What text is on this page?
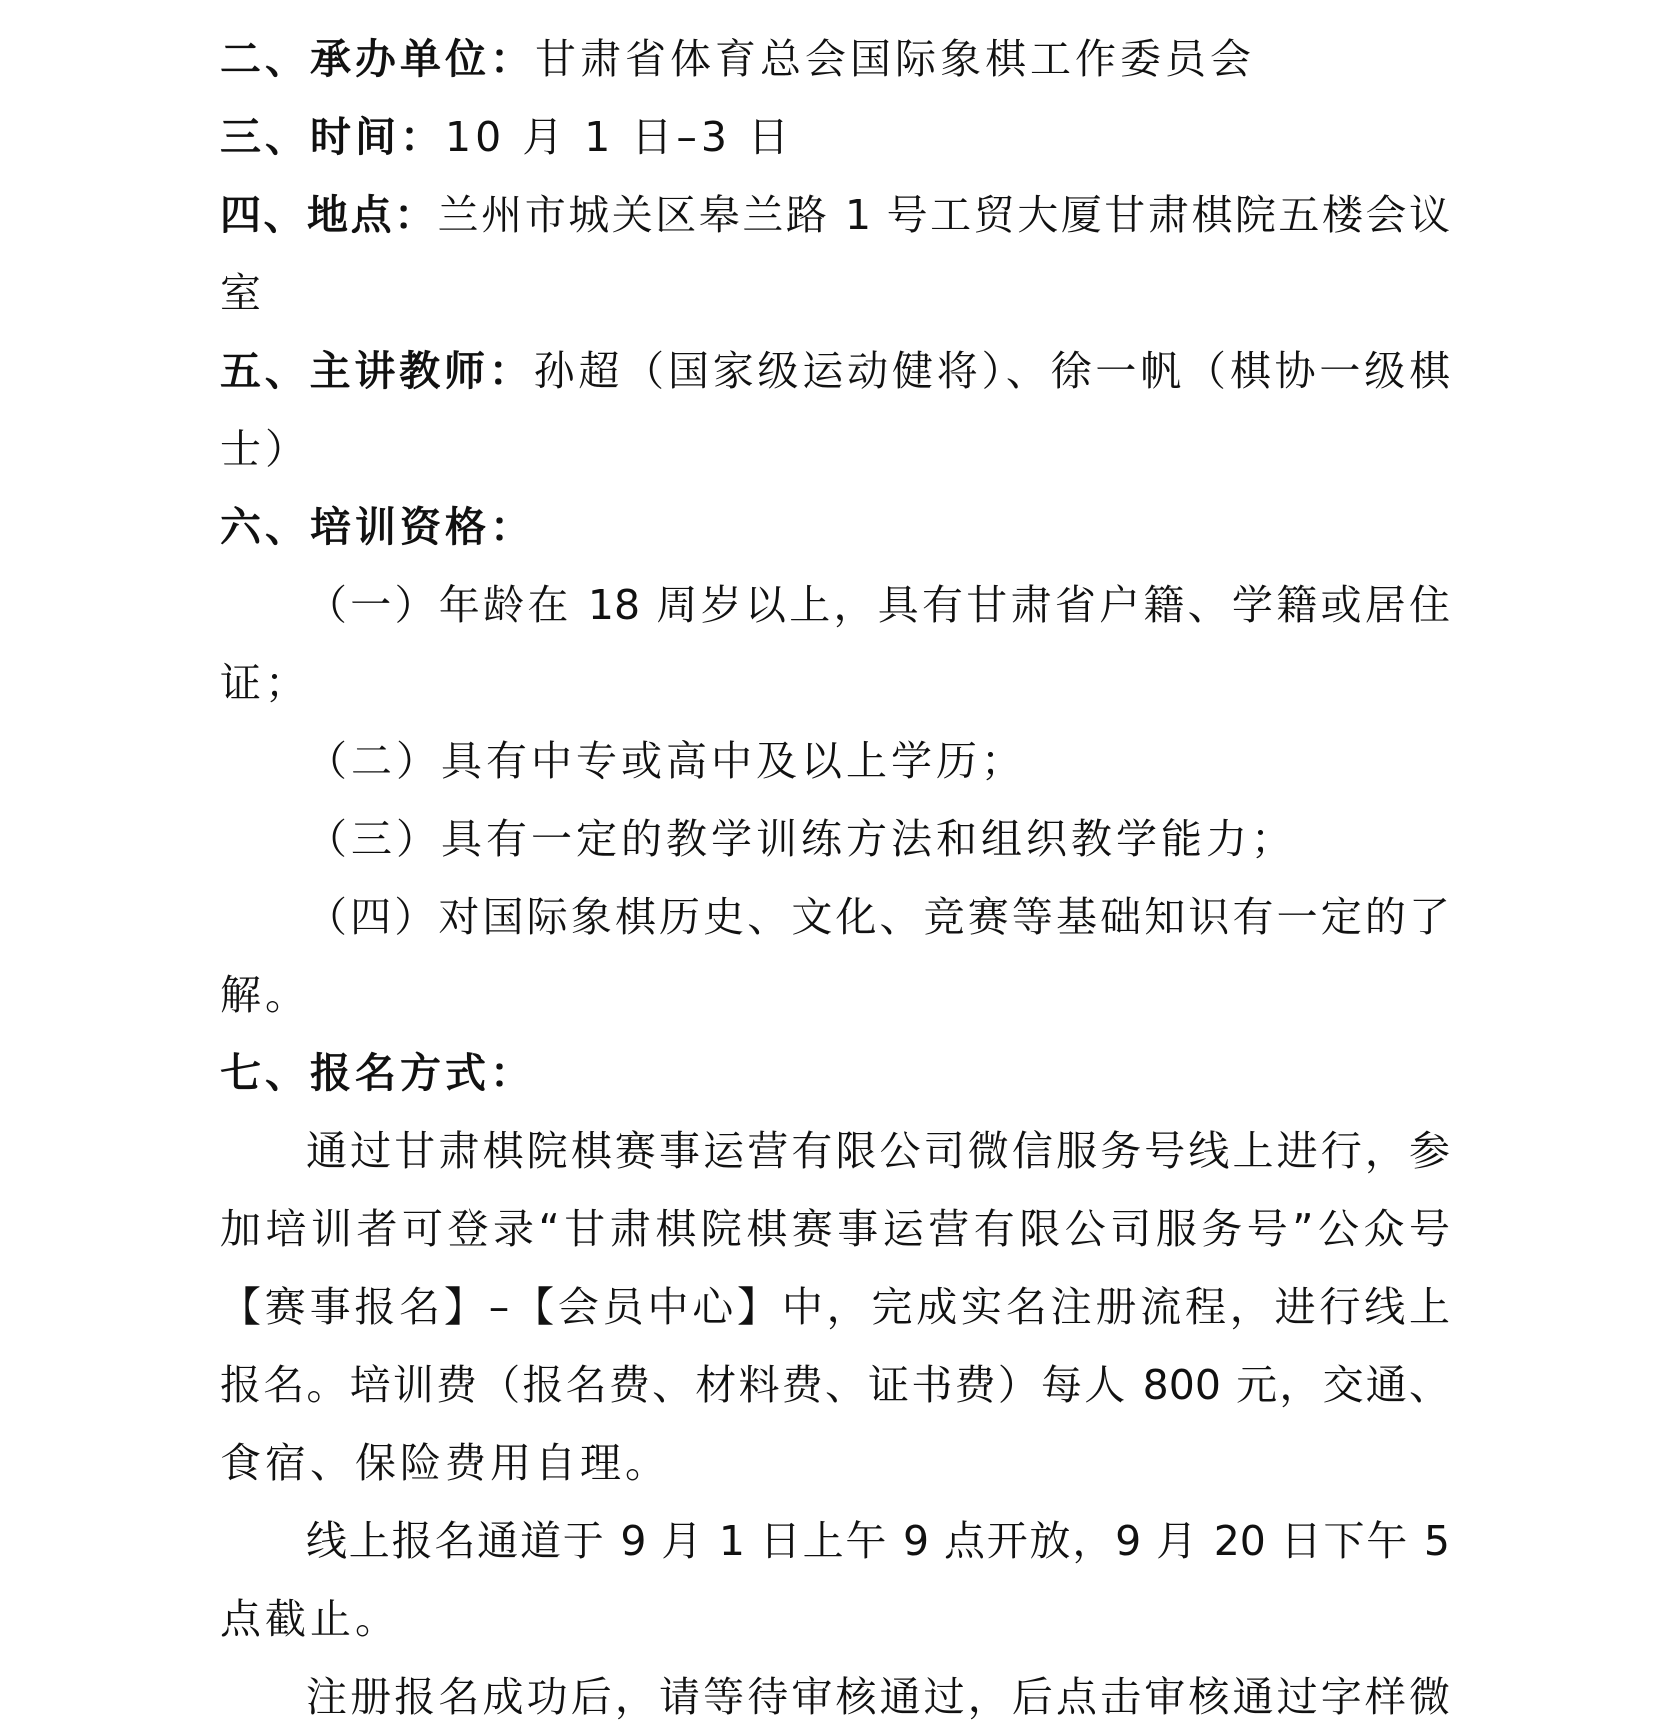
二、承办单位：甘肃省体育总会国际象棋工作委员会
三、时间：10 月 1 日–3 日
四、地点：兰州市城关区皋兰路 1 号工贸大厦甘肃棋院五楼会议
室
五、主讲教师：孙超（国家级运动健将）、徐一帆（棋协一级棋
士）
六、培训资格：
（一）年龄在 18 周岁以上，具有甘肃省户籍、学籍或居住
证；
（二）具有中专或高中及以上学历；
（三）具有一定的教学训练方法和组织教学能力；
（四）对国际象棋历史、文化、竞赛等基础知识有一定的了
解。
七、报名方式：
通过甘肃棋院棋赛事运营有限公司微信服务号线上进行，参
加培训者可登录“甘肃棋院棋赛事运营有限公司服务号”公众号
【赛事报名】–【会员中心】中，完成实名注册流程，进行线上
报名。培训费（报名费、材料费、证书费）每人 800 元，交通、
食宿、保险费用自理。
线上报名通道于 9 月 1 日上午 9 点开放，9 月 20 日下午 5
点截止。
注册报名成功后，请等待审核通过，后点击审核通过字样微
